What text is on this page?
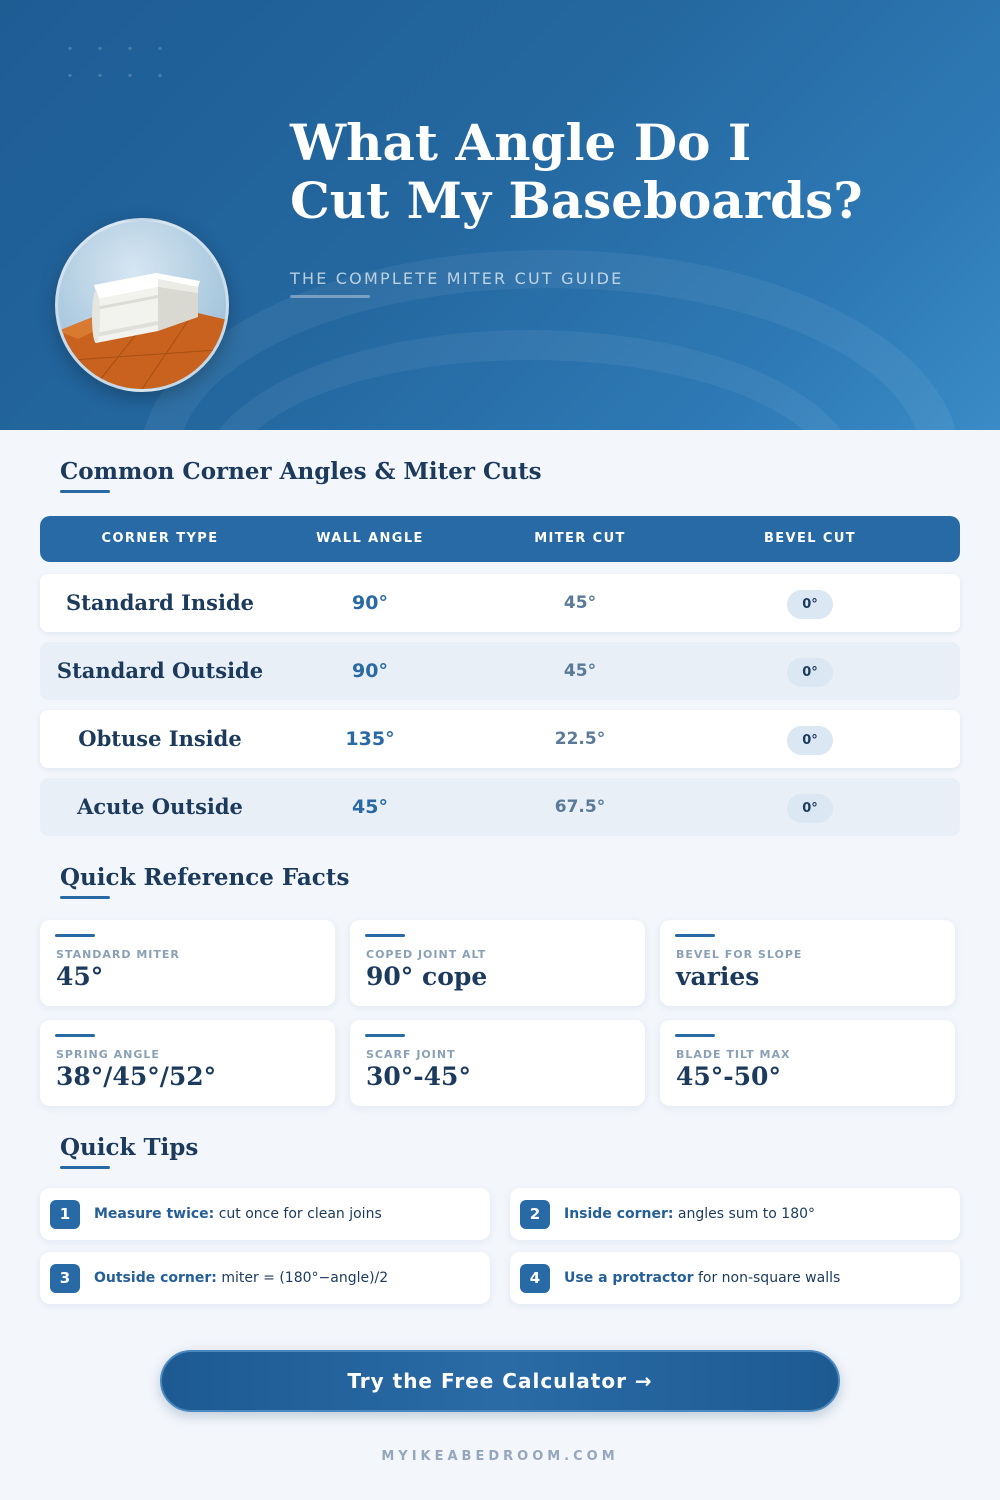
What Angle Do I
Cut My Baseboards?
THE COMPLETE MITER CUT GUIDE
Common Corner Angles & Miter Cuts
CORNER TYPE	WALL ANGLE	MITER CUT	BEVEL CUT
Standard Inside	90°	45°	0°
Standard Outside	90°	45°	0°
Obtuse Inside	135°	22.5°	0°
Acute Outside	45°	67.5°	0°
Quick Reference Facts
STANDARD MITER
45°
COPED JOINT ALT
90° cope
BEVEL FOR SLOPE
varies
SPRING ANGLE
38°/45°/52°
SCARF JOINT
30°-45°
BLADE TILT MAX
45°-50°
Quick Tips
1	Measure twice: cut once for clean joins	2	Inside corner: angles sum to 180°
3	Outside corner: miter = (180°−angle)/2	4	Use a protractor for non-square walls
Try the Free Calculator →
MYIKEABEDROOM.COM
